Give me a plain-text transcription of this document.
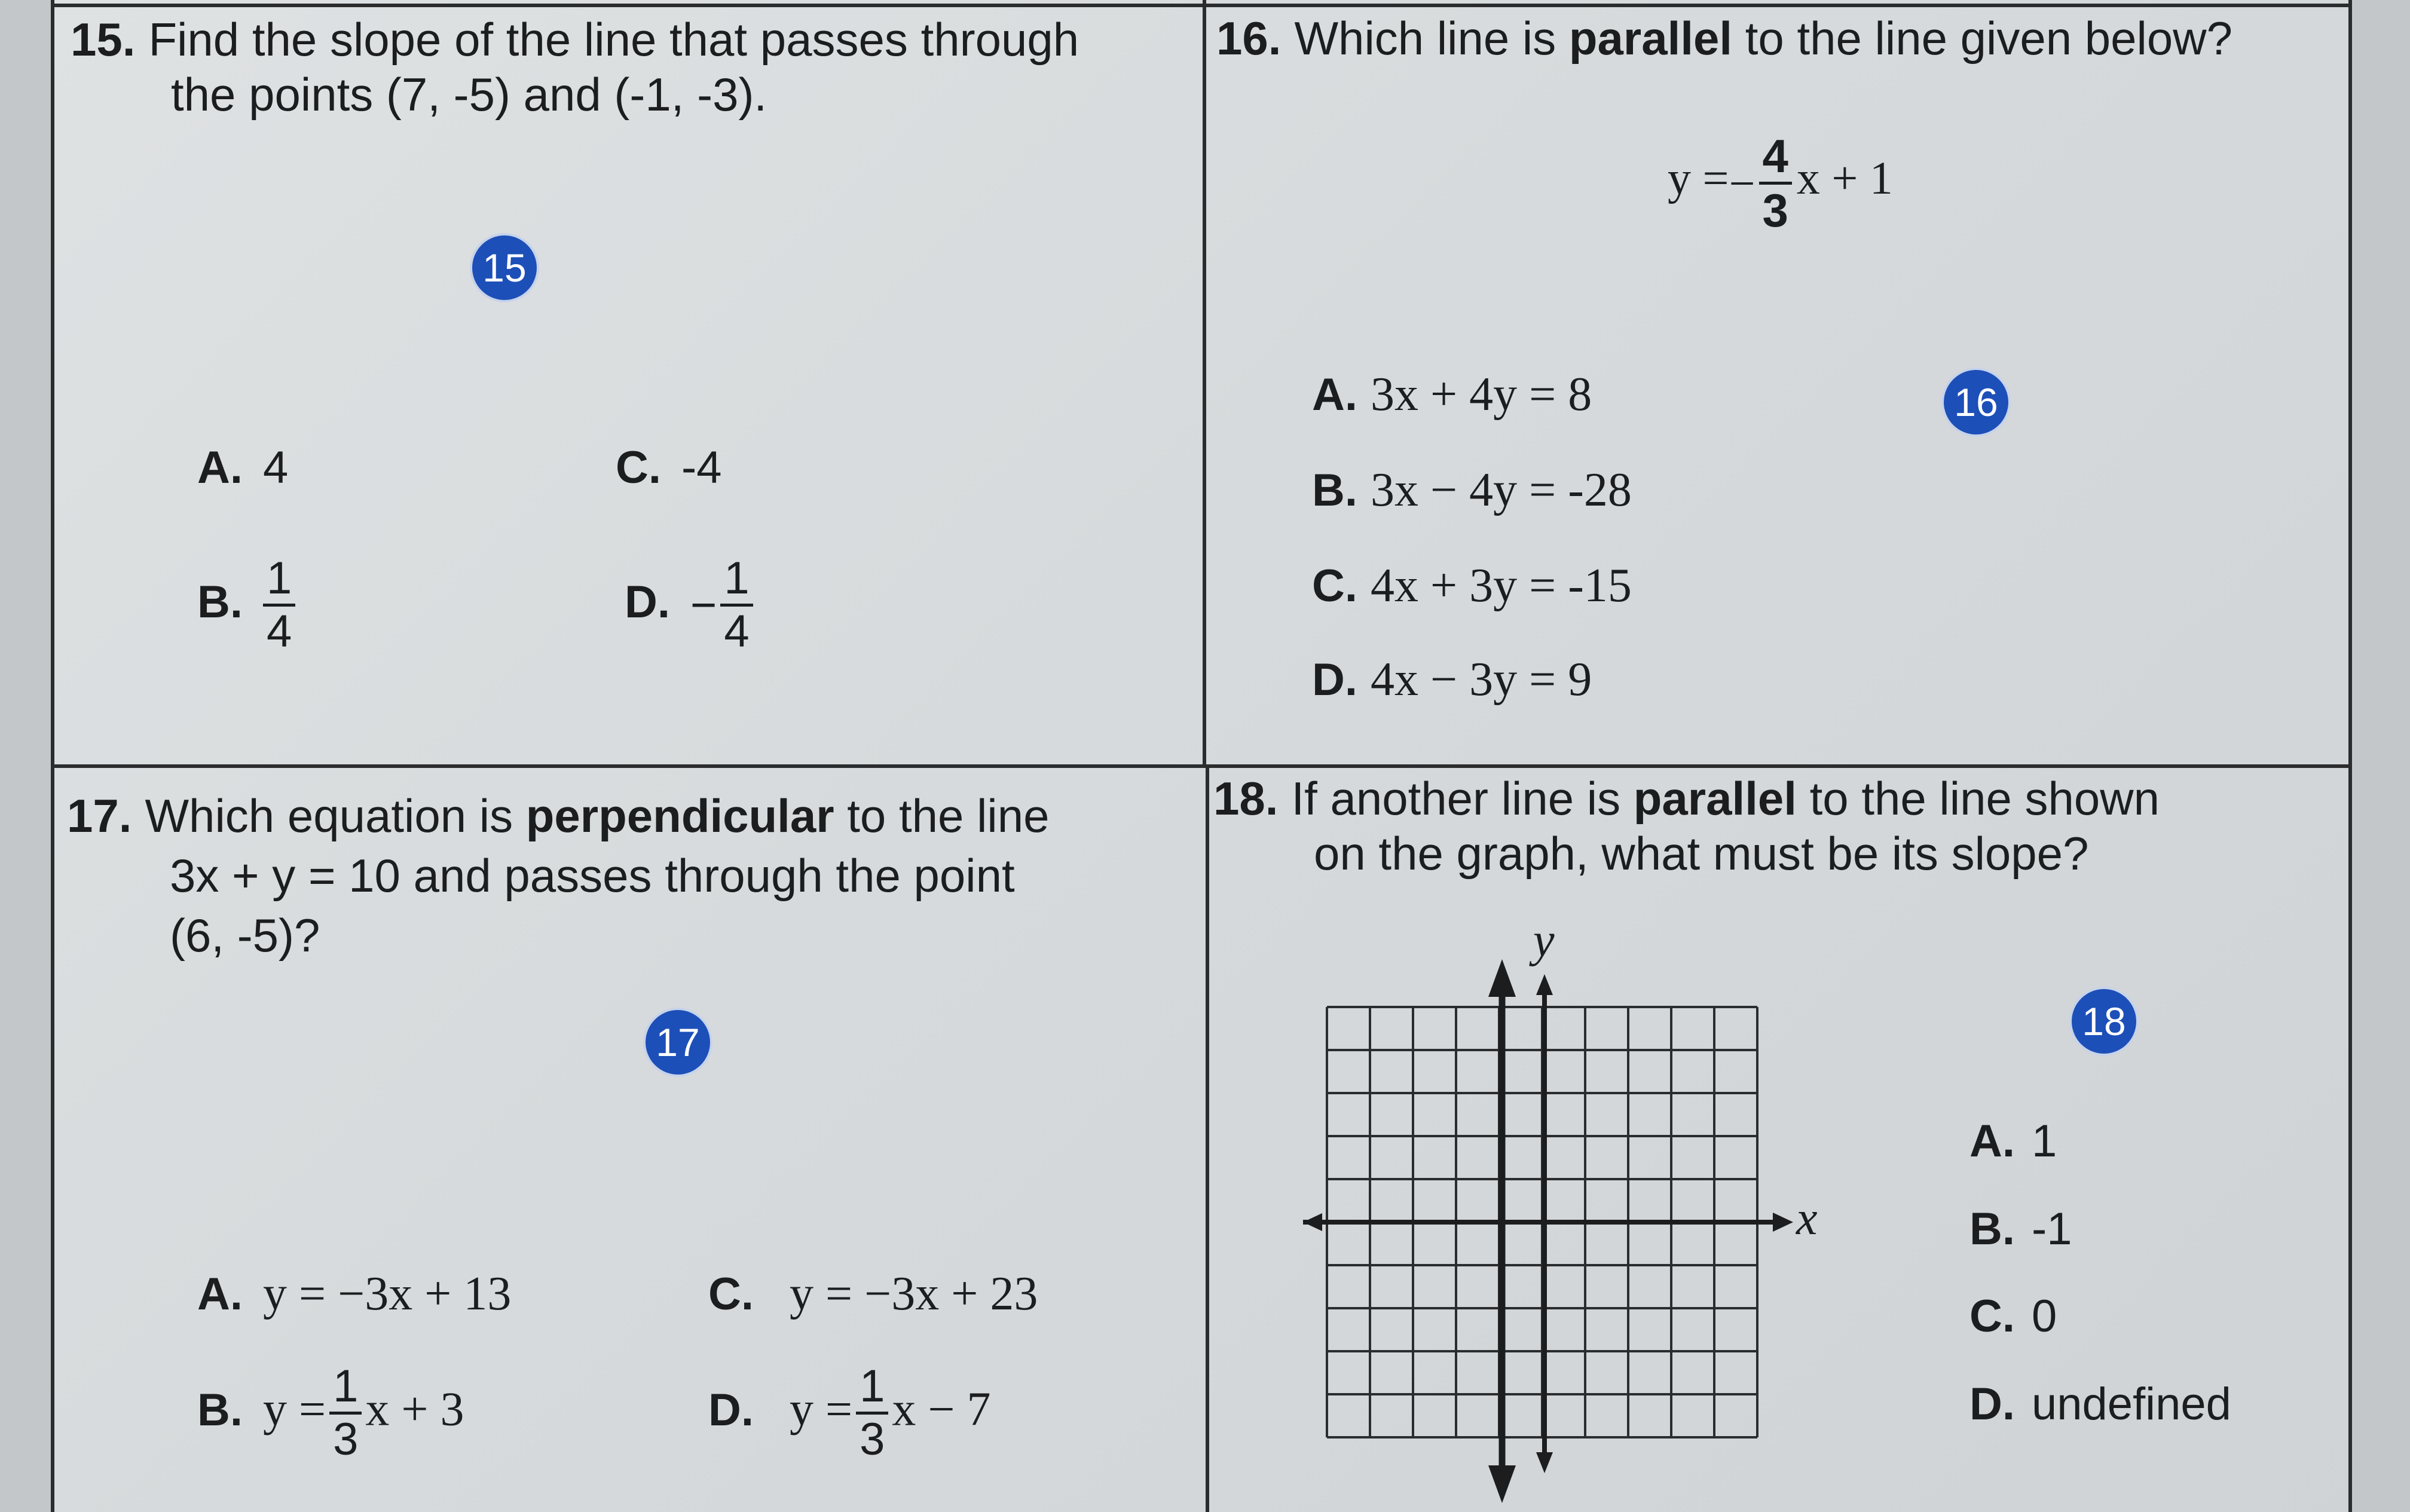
15. Find the slope of the line that passes through
the points (7, -5) and (-1, -3).
15
A. 4	C. -4
B. $\frac{1}{4}$	D. − $\frac{1}{4}$
16. Which line is parallel to the line given below?
$y =- \frac{4}{3}$ x + 1
16
A. 3x + 4y = 8
B. 3x − 4y = -28
C. 4x + 3y = -15
D. 4x − 3y = 9
17. Which equation is perpendicular to the line
3x + y = 10 and passes through the point
(6, -5)?
17
A. y = −3x + 13	C. y = −3x + 23
B. $y = \frac{1}{3}$ x + 3	D. $y = \frac{1}{3}$ x − 7
18. If another line is parallel to the line shown
on the graph, what must be its slope?
18
x
y
A. 1
B. -1
C. 0
D. undefined
